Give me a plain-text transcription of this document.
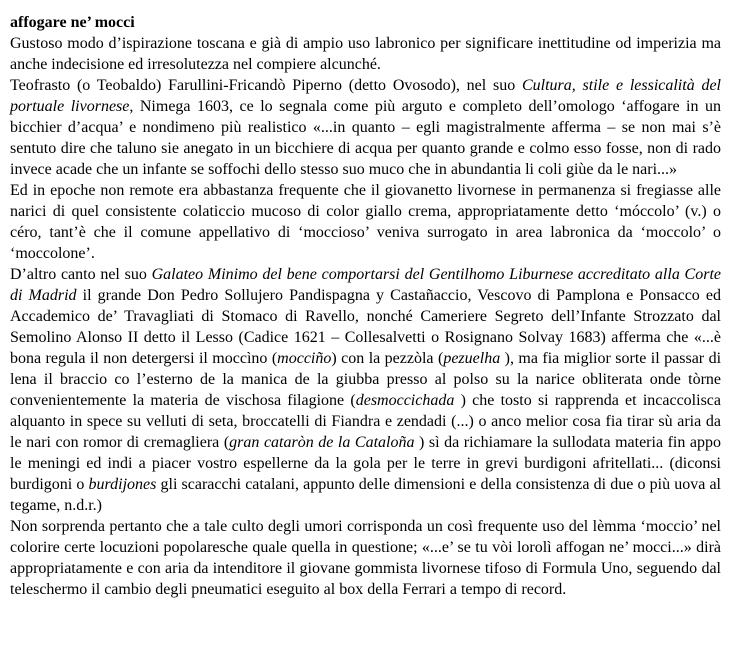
affogare ne’ mocci

Gustoso modo d’ispirazione toscana e già di ampio uso labronico per significare inettitudine od imperizia ma anche indecisione ed irresolutezza nel compiere alcunché.

Teofrasto (o Teobaldo) Farullini-Fricandò Piperno (detto Ovosodo), nel suo Cultura, stile e lessicalità del portuale livornese, Nimega 1603, ce lo segnala come più arguto e completo dell’omologo ‘affogare in un bicchier d’acqua’ e nondimeno più realistico «...in quanto – egli magistralmente afferma – se non mai s’è sentuto dire che taluno sie anegato in un bicchiere di acqua per quanto grande e colmo esso fosse, non di rado invece acade che un infante se soffochi dello stesso suo muco che in abundantia li coli giùe da le nari...»

Ed in epoche non remote era abbastanza frequente che il giovanetto livornese in permanenza si fregiasse alle narici di quel consistente colaticcio mucoso di color giallo crema, appropriatamente detto ‘móccolo’ (v.) o céro, tant’è che il comune appellativo di ‘moccioso’ veniva surrogato in area labronica da ‘moccolo’ o ‘moccolone’.

D’altro canto nel suo Galateo Minimo del bene comportarsi del Gentilhomo Liburnese accreditato alla Corte di Madrid il grande Don Pedro Sollujero Pandispagna y Castañaccio, Vescovo di Pamplona e Ponsacco ed Accademico de’ Travagliati di Stomaco di Ravello, nonché Cameriere Segreto dell’Infante Strozzato dal Semolino Alonso II detto il Lesso (Cadice 1621 – Collesalvetti o Rosignano Solvay 1683) afferma che «...è bona regula il non detergersi il moccìno (mocciño) con la pezzòla (pezuelha ), ma fia miglior sorte il passar di lena il braccio co l’esterno de la manica de la giubba presso al polso su la narice obliterata onde tòrne convenientemente la materia de vischosa filagione (desmoccichada ) che tosto si rapprenda et incaccolisca alquanto in spece su velluti di seta, broccatelli di Fiandra e zendadi (...) o anco melior cosa fia tirar sù aria da le nari con romor di cremagliera (gran cataròn de la Cataloña ) sì da richiamare la sullodata materia fin appo le meningi ed indi a piacer vostro espellerne da la gola per le terre in grevi burdigoni afritellati... (diconsi burdigoni o burdijones gli scaracchi catalani, appunto delle dimensioni e della consistenza di due o più uova al tegame, n.d.r.)

Non sorprenda pertanto che a tale culto degli umori corrisponda un così frequente uso del lèmma ‘moccio’ nel colorire certe locuzioni popolaresche quale quella in questione; «...e’ se tu vòi lorolì affogan ne’ mocci...» dirà appropriatamente e con aria da intenditore il giovane gommista livornese tifoso di Formula Uno, seguendo dal teleschermo il cambio degli pneumatici eseguito al box della Ferrari a tempo di record.
